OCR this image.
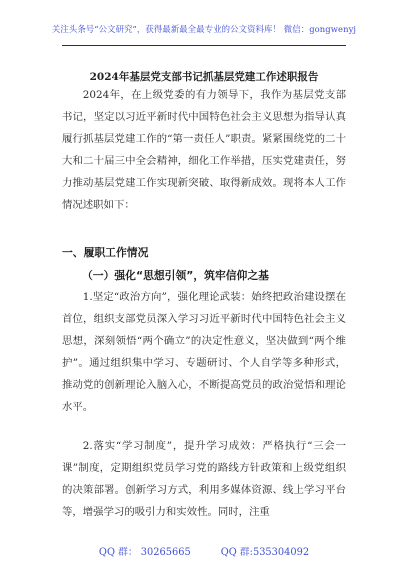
关注头条号“公文研究”，获得最新最全最专业的公文资料库！ 微信：gongwenyj
2024年基层党支部书记抓基层党建工作述职报告

2024年，在上级党委的有力领导下，我作为基层党支部书记，坚定以习近平新时代中国特色社会主义思想为指导认真履行抓基层党建工作的“第一责任人”职责。紧紧围绕党的二十大和二十届三中全会精神，细化工作举措，压实党建责任，努力推动基层党建工作实现新突破、取得新成效。现将本人工作情况述职如下：

一、履职工作情况
（一）强化“思想引领”，筑牢信仰之基

1.坚定“政治方向”，强化理论武装：始终把政治建设摆在首位，组织支部党员深入学习习近平新时代中国特色社会主义思想，深刻领悟“两个确立”的决定性意义，坚决做到“两个维护”。通过组织集中学习、专题研讨、个人自学等多种形式，推动党的创新理论入脑入心，不断提高党员的政治觉悟和理论水平。

2.落实“学习制度”，提升学习成效：严格执行“三会一课”制度，定期组织党员学习党的路线方针政策和上级党组织的决策部署。创新学习方式，利用多媒体资源、线上学习平台等，增强学习的吸引力和实效性。同时，注重

QQ 群： 30265665	QQ 群:535304092
